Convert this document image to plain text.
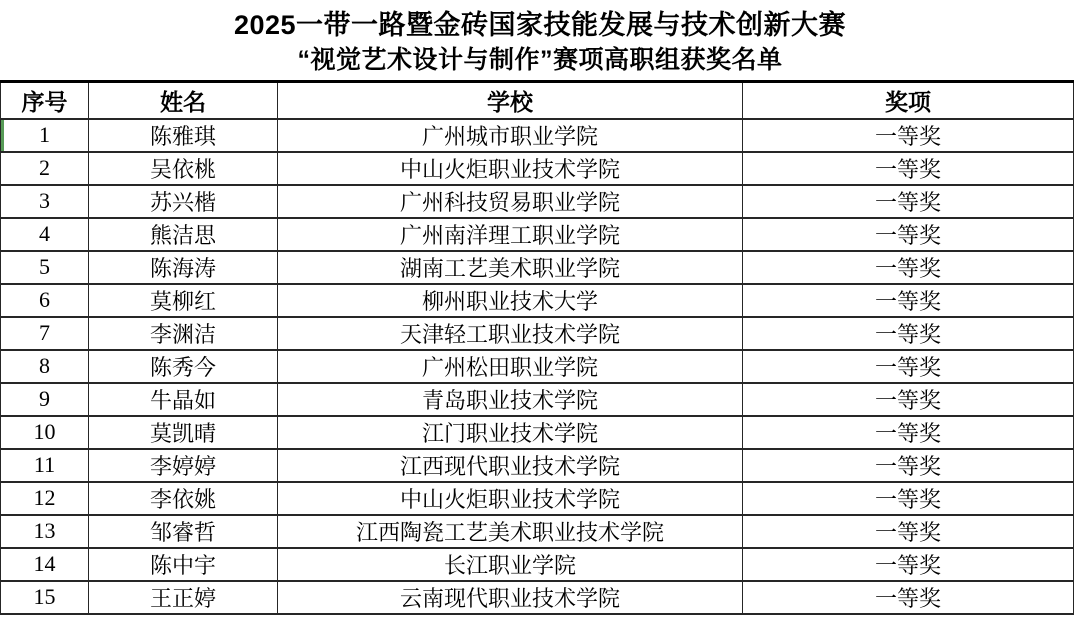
2025一带一路暨金砖国家技能发展与技术创新大赛
“视觉艺术设计与制作”赛项高职组获奖名单
序号	姓名	学校	奖项
1	陈雅琪	广州城市职业学院	一等奖
2	吴依桃	中山火炬职业技术学院	一等奖
3	苏兴楷	广州科技贸易职业学院	一等奖
4	熊洁思	广州南洋理工职业学院	一等奖
5	陈海涛	湖南工艺美术职业学院	一等奖
6	莫柳红	柳州职业技术大学	一等奖
7	李渊洁	天津轻工职业技术学院	一等奖
8	陈秀今	广州松田职业学院	一等奖
9	牛晶如	青岛职业技术学院	一等奖
10	莫凯晴	江门职业技术学院	一等奖
11	李婷婷	江西现代职业技术学院	一等奖
12	李依姚	中山火炬职业技术学院	一等奖
13	邹睿哲	江西陶瓷工艺美术职业技术学院	一等奖
14	陈中宇	长江职业学院	一等奖
15	王正婷	云南现代职业技术学院	一等奖
